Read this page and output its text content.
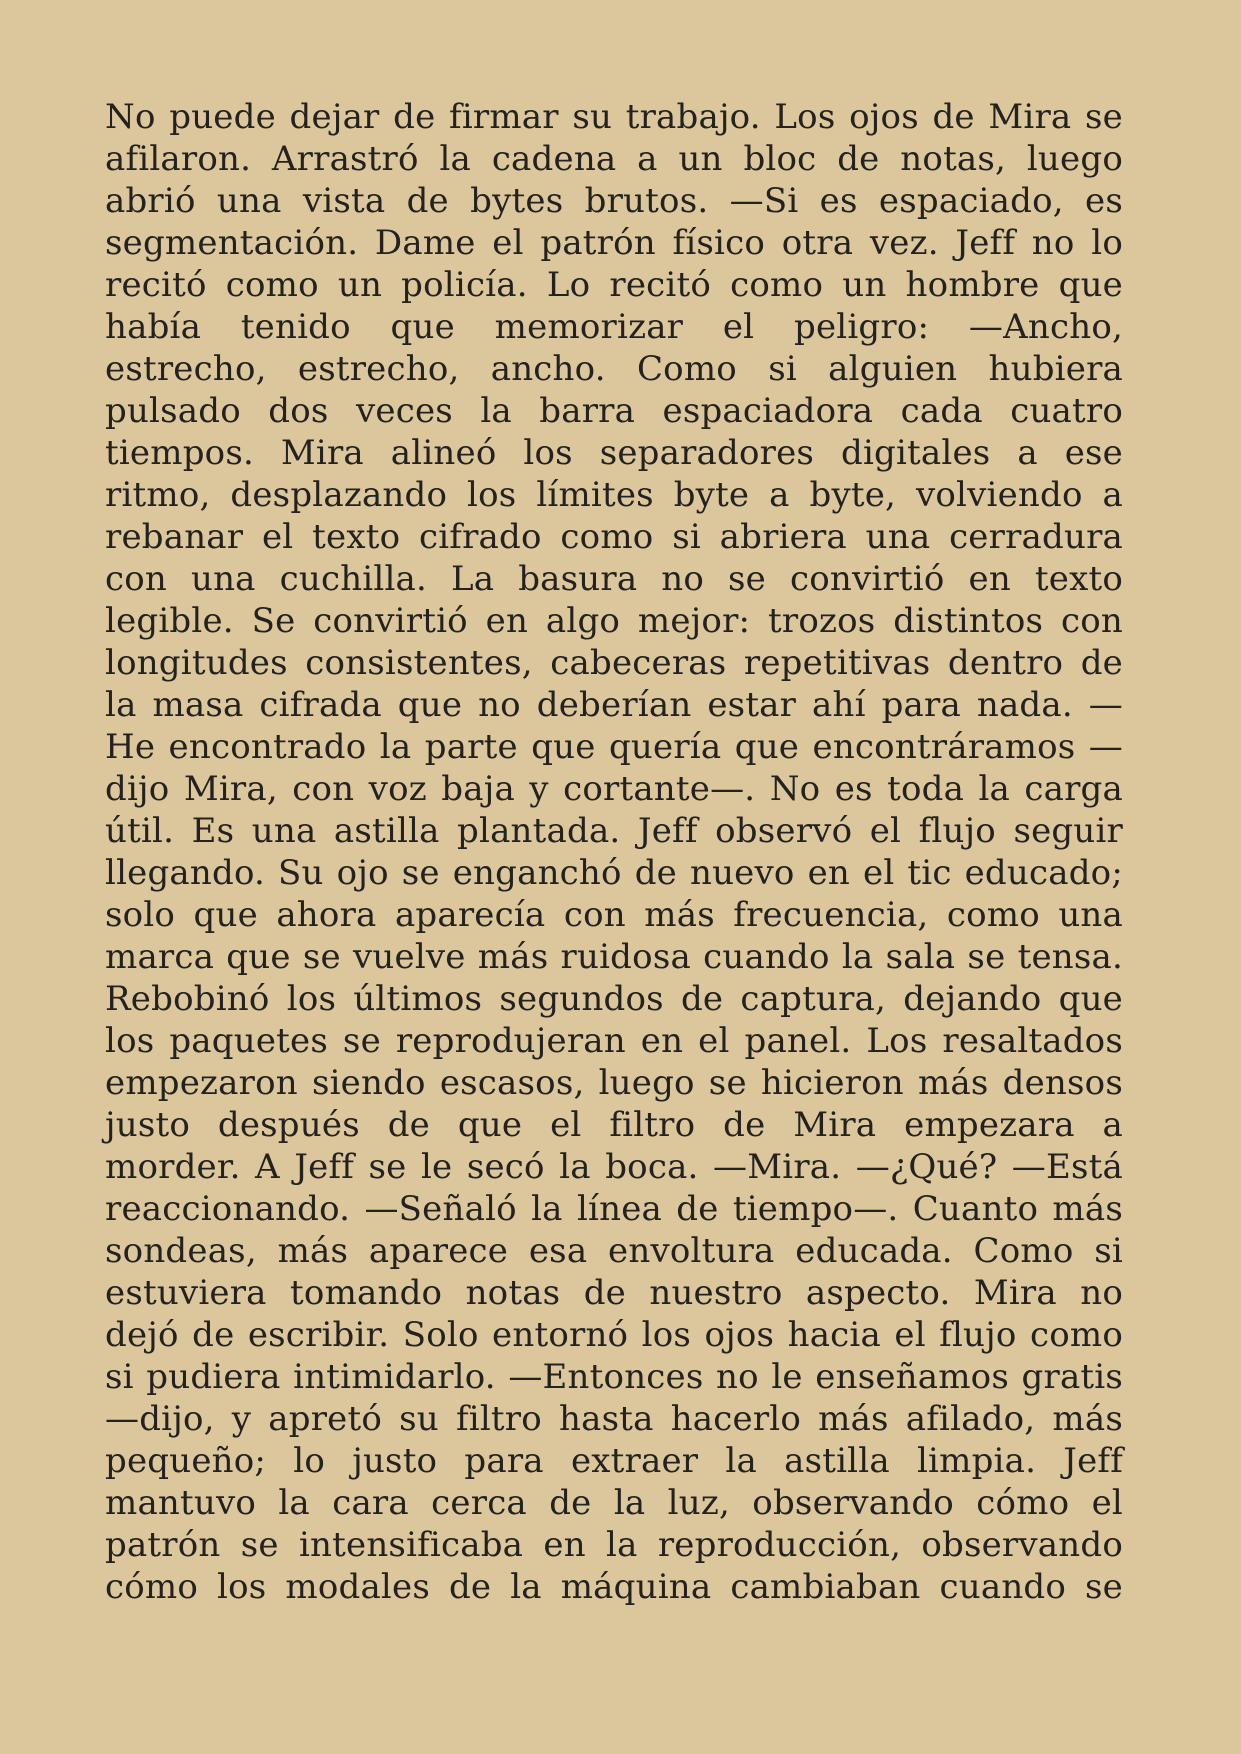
No puede dejar de firmar su trabajo. Los ojos de Mira se afilaron. Arrastró la cadena a un bloc de notas, luego abrió una vista de bytes brutos. —Si es espaciado, es segmentación. Dame el patrón físico otra vez. Jeff no lo recitó como un policía. Lo recitó como un hombre que había tenido que memorizar el peligro: —Ancho, estrecho, estrecho, ancho. Como si alguien hubiera pulsado dos veces la barra espaciadora cada cuatro tiempos. Mira alineó los separadores digitales a ese ritmo, desplazando los límites byte a byte, volviendo a rebanar el texto cifrado como si abriera una cerradura con una cuchilla. La basura no se convirtió en texto legible. Se convirtió en algo mejor: trozos distintos con longitudes consistentes, cabeceras repetitivas dentro de la masa cifrada que no deberían estar ahí para nada. —He encontrado la parte que quería que encontráramos —dijo Mira, con voz baja y cortante—. No es toda la carga útil. Es una astilla plantada. Jeff observó el flujo seguir llegando. Su ojo se enganchó de nuevo en el tic educado; solo que ahora aparecía con más frecuencia, como una marca que se vuelve más ruidosa cuando la sala se tensa. Rebobinó los últimos segundos de captura, dejando que los paquetes se reprodujeran en el panel. Los resaltados empezaron siendo escasos, luego se hicieron más densos justo después de que el filtro de Mira empezara a morder. A Jeff se le secó la boca. —Mira. —¿Qué? —Está reaccionando. —Señaló la línea de tiempo—. Cuanto más sondeas, más aparece esa envoltura educada. Como si estuviera tomando notas de nuestro aspecto. Mira no dejó de escribir. Solo entornó los ojos hacia el flujo como si pudiera intimidarlo. —Entonces no le enseñamos gratis —dijo, y apretó su filtro hasta hacerlo más afilado, más pequeño; lo justo para extraer la astilla limpia. Jeff mantuvo la cara cerca de la luz, observando cómo el patrón se intensificaba en la reproducción, observando cómo los modales de la máquina cambiaban cuando se
